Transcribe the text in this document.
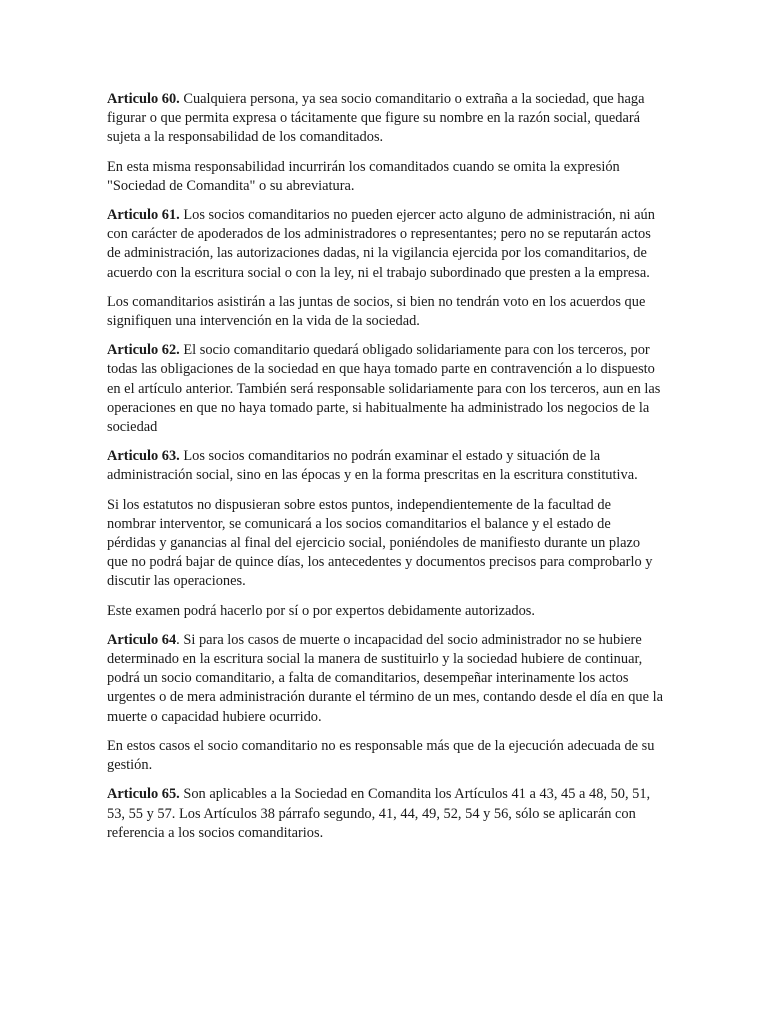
Articulo 60. Cualquiera persona, ya sea socio comanditario o extraña a la sociedad, que haga figurar o que permita expresa o tácitamente que figure su nombre en la razón social, quedará sujeta a la responsabilidad de los comanditados.

En esta misma responsabilidad incurrirán los comanditados cuando se omita la expresión "Sociedad de Comandita" o su abreviatura.

Articulo 61. Los socios comanditarios no pueden ejercer acto alguno de administración, ni aún con carácter de apoderados de los administradores o representantes; pero no se reputarán actos de administración, las autorizaciones dadas, ni la vigilancia ejercida por los comanditarios, de acuerdo con la escritura social o con la ley, ni el trabajo subordinado que presten a la empresa.

Los comanditarios asistirán a las juntas de socios, si bien no tendrán voto en los acuerdos que signifiquen una intervención en la vida de la sociedad.

Articulo 62. El socio comanditario quedará obligado solidariamente para con los terceros, por todas las obligaciones de la sociedad en que haya tomado parte en contravención a lo dispuesto en el artículo anterior. También será responsable solidariamente para con los terceros, aun en las operaciones en que no haya tomado parte, si habitualmente ha administrado los negocios de la sociedad

Articulo 63. Los socios comanditarios no podrán examinar el estado y situación de la administración social, sino en las épocas y en la forma prescritas en la escritura constitutiva.

Si los estatutos no dispusieran sobre estos puntos, independientemente de la facultad de nombrar interventor, se comunicará a los socios comanditarios el balance y el estado de pérdidas y ganancias al final del ejercicio social, poniéndoles de manifiesto durante un plazo que no podrá bajar de quince días, los antecedentes y documentos precisos para comprobarlo y discutir las operaciones.

Este examen podrá hacerlo por sí o por expertos debidamente autorizados.

Articulo 64. Si para los casos de muerte o incapacidad del socio administrador no se hubiere determinado en la escritura social la manera de sustituirlo y la sociedad hubiere de continuar, podrá un socio comanditario, a falta de comanditarios, desempeñar interinamente los actos urgentes o de mera administración durante el término de un mes, contando desde el día en que la muerte o capacidad hubiere ocurrido.

En estos casos el socio comanditario no es responsable más que de la ejecución adecuada de su gestión.

Articulo 65. Son aplicables a la Sociedad en Comandita los Artículos 41 a 43, 45 a 48, 50, 51, 53, 55 y 57. Los Artículos 38 párrafo segundo, 41, 44, 49, 52, 54 y 56, sólo se aplicarán con referencia a los socios comanditarios.
